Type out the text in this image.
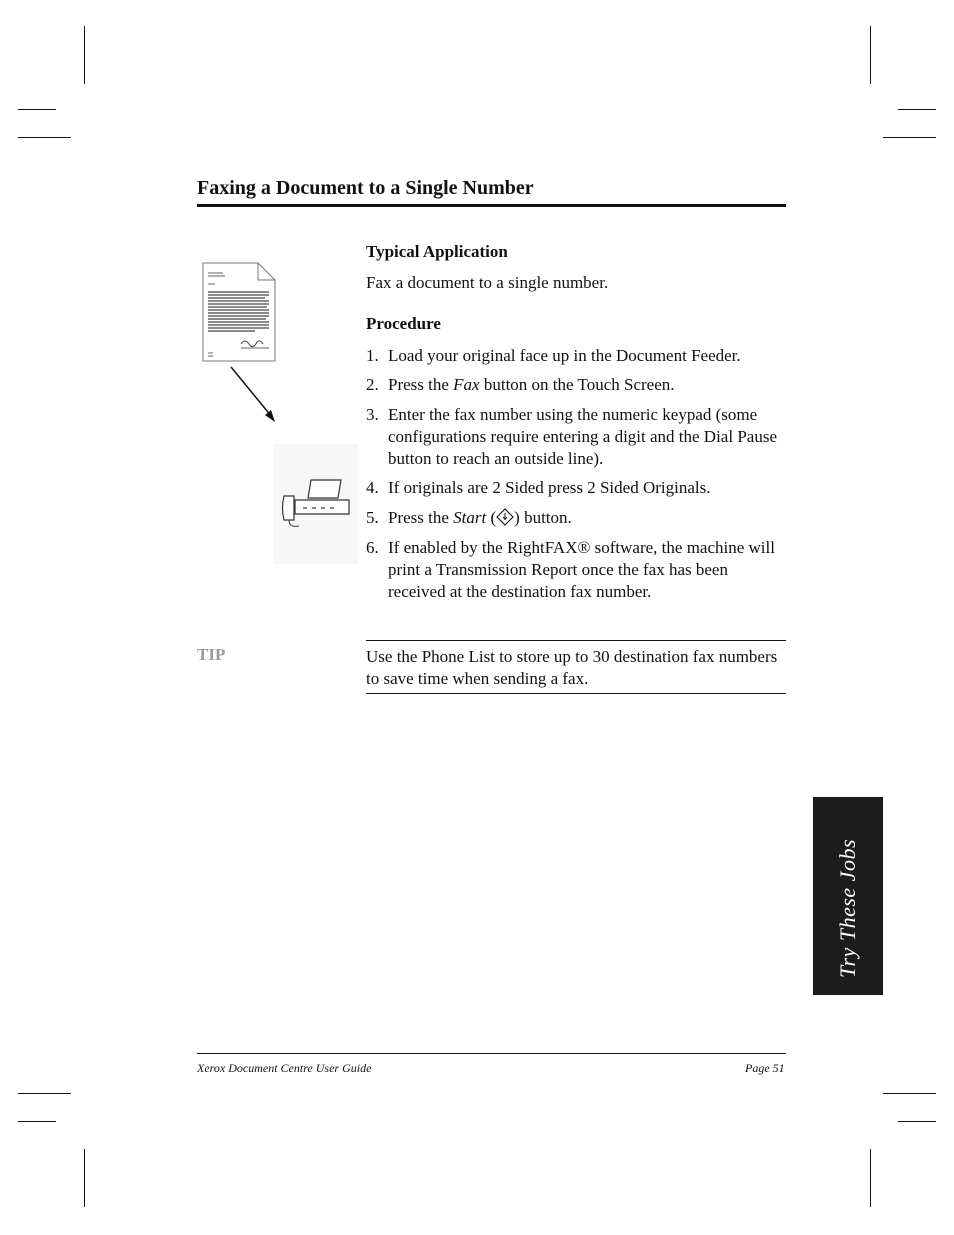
Faxing a Document to a Single Number
Typical Application
Fax a document to a single number.
Procedure
1. Load your original face up in the Document Feeder.
2. Press the Fax button on the Touch Screen.
3. Enter the fax number using the numeric keypad (some configurations require entering a digit and the Dial Pause button to reach an outside line).
4. If originals are 2 Sided press 2 Sided Originals.
5. Press the Start ( ) button.
6. If enabled by the RightFAX® software, the machine will print a Transmission Report once the fax has been received at the destination fax number.
TIP	Use the Phone List to store up to 30 destination fax numbers to save time when sending a fax.
Try These Jobs
Xerox Document Centre User Guide	Page 51
